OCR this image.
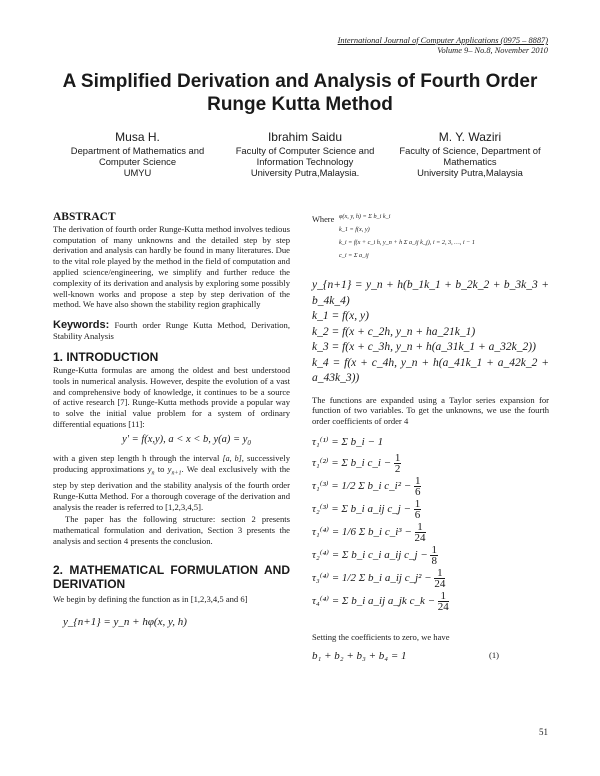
International Journal of Computer Applications (0975 – 8887)
Volume 9– No.8, November 2010
A Simplified Derivation and Analysis of Fourth Order
Runge Kutta Method
Musa H.
Department of Mathematics and
Computer Science
UMYU
Ibrahim Saidu
Faculty of Computer Science and
Information Technology
University Putra,Malaysia.
M. Y. Waziri
Faculty of Science, Department of
Mathematics
University Putra,Malaysia
ABSTRACT
The derivation of fourth order Runge-Kutta method involves tedious computation of many unknowns and the detailed step by step derivation and analysis can hardly be found in many literatures. Due to the vital role played by the method in the field of computation and applied science/engineering, we simplify and further reduce the complexity of its derivation and analysis by exploring some possibly well-known works and propose a step by step derivation of the method. We have also shown the stability region graphically
Keywords: Fourth order Runge Kutta Method, Derivation, Stability Analysis
1. INTRODUCTION
Runge-Kutta formulas are among the oldest and best understood tools in numerical analysis. However, despite the evolution of a vast and comprehensive body of knowledge, it continues to be a source of active research [7]. Runge-Kutta methods provide a popular way to solve the initial value problem for a system of ordinary differential equations [11]:
y' = f(x,y), a < x < b, $y(a) = y_0$
with a given step length h through the interval [a, b], successively producing approximations $y_n$ to $y_{n+1}$. We deal exclusively with the step by step derivation and the stability analysis of the fourth order Runge-Kutta Method. For a thorough coverage of the derivation and analysis the reader is referred to [1,2,3,4,5].
The paper has the following structure: section 2 presents mathematical formulation and derivation, Section 3 presents the analysis and section 4 presents the conclusion.
2. MATHEMATICAL FORMULATION AND DERIVATION
We begin by defining the function as in [1,2,3,4,5 and 6]
y_{n+1} = y_n + hφ(x, y, h)
Where φ(x, y, h) = Σ b_i k_i
k_1 = f(x, y)
k_i = f(x + c_i h, y_n + h Σ a_ij k_j), i = 2, 3, …, i − 1
c_i = Σ a_ij
y_{n+1} = y_n + h(b_1k_1 + b_2k_2 + b_3k_3 + b_4k_4)
k_1 = f(x, y)
k_2 = f(x + c_2h, y_n + ha_21k_1)
k_3 = f(x + c_3h, y_n + h(a_31k_1 + a_32k_2))
k_4 = f(x + c_4h, y_n + h(a_41k_1 + a_42k_2 + a_43k_3))
The functions are expanded using a Taylor series expansion for function of two variables. To get the unknowns, we use the fourth order coefficients of order 4
τ₁⁽¹⁾ = Σ b_i − 1
τ₁⁽²⁾ = Σ b_i c_i − $\frac{1}{2}$
τ₁⁽³⁾ = 1/2 Σ b_i c_i² − $\frac{1}{6}$
τ₂⁽³⁾ = Σ b_i a_ij c_j − $\frac{1}{6}$
τ₁⁽⁴⁾ = 1/6 Σ b_i c_i³ − $\frac{1}{24}$
τ₂⁽⁴⁾ = Σ b_i c_i a_ij c_j − $\frac{1}{8}$
τ₃⁽⁴⁾ = 1/2 Σ b_i a_ij c_j² − $\frac{1}{24}$
τ₄⁽⁴⁾ = Σ b_i a_ij a_jk c_k − $\frac{1}{24}$
Setting the coefficients to zero, we have
b₁ + b₂ + b₃ + b₄ = 1	(1)
51
